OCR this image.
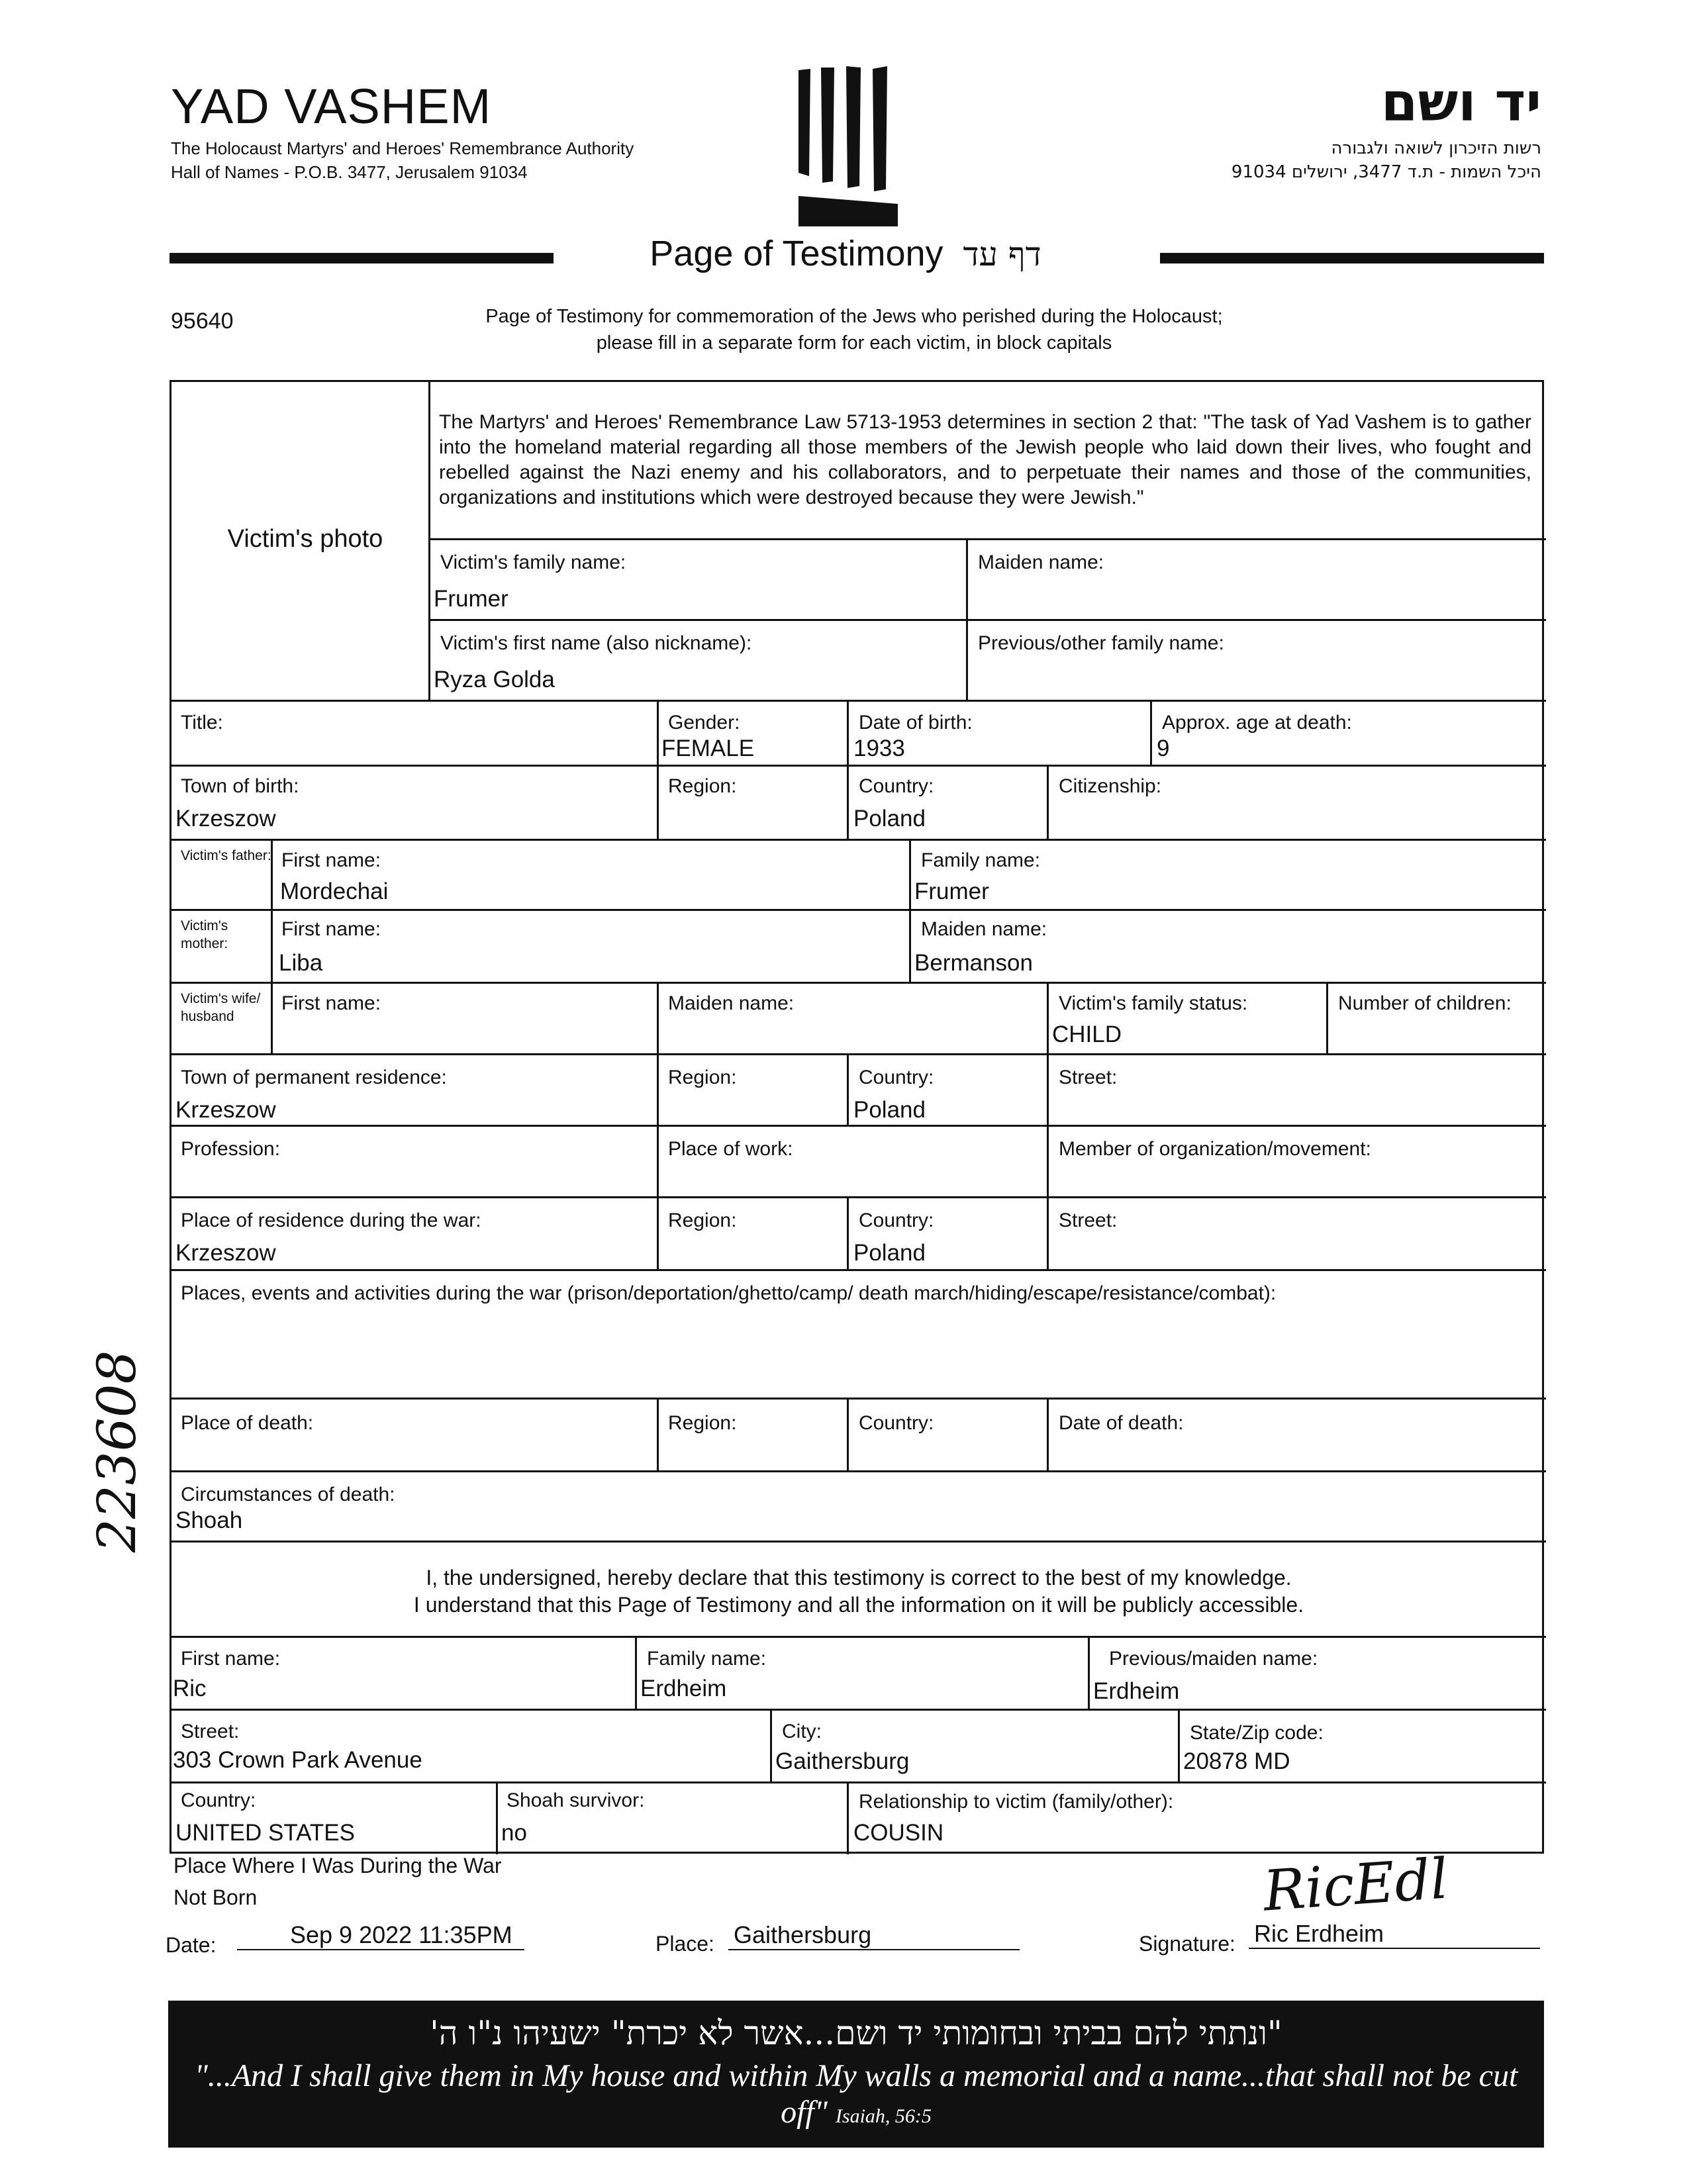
YAD VASHEM
The Holocaust Martyrs' and Heroes' Remembrance Authority
Hall of Names - P.O.B. 3477, Jerusalem 91034
יד ושם
רשות הזיכרון לשואה ולגבורה
היכל השמות - ת.ד 3477, ירושלים 91034
Page of Testimony דף עד
95640	Page of Testimony for commemoration of the Jews who perished during the Holocaust;
please fill in a separate form for each victim, in block capitals
223608
Victim's photo
The Martyrs' and Heroes' Remembrance Law 5713-1953 determines in section 2 that: "The task of Yad Vashem is to gather into the homeland material regarding all those members of the Jewish people who laid down their lives, who fought and rebelled against the Nazi enemy and his collaborators, and to perpetuate their names and those of the communities, organizations and institutions which were destroyed because they were Jewish."
Victim's family name:
Frumer
Maiden name:
Victim's first name (also nickname):
Ryza Golda
Previous/other family name:
Title:	Gender:
FEMALE
Date of birth:
1933
Approx. age at death:
9
Town of birth:
Krzeszow
Region:	Country:
Poland
Citizenship:
Victim's father: First name:
Mordechai
Family name:
Frumer
Victim's mother:
First name:
Liba
Maiden name:
Bermanson
Victim's wife/ husband
First name:	Maiden name:	Victim's family status:
CHILD
Number of children:
Town of permanent residence:
Krzeszow
Region:	Country:
Poland
Street:
Profession:	Place of work:	Member of organization/movement:
Place of residence during the war:
Krzeszow
Region:	Country:
Poland
Street:
Places, events and activities during the war (prison/deportation/ghetto/camp/ death march/hiding/escape/resistance/combat):
Place of death:	Region:	Country:	Date of death:
Circumstances of death:
Shoah
I, the undersigned, hereby declare that this testimony is correct to the best of my knowledge.
I understand that this Page of Testimony and all the information on it will be publicly accessible.
First name:
Ric
Family name:
Erdheim
Previous/maiden name:
Erdheim
Street:
303 Crown Park Avenue
City:
Gaithersburg
State/Zip code:
20878 MD
Country:
UNITED STATES
Shoah survivor:
no
Relationship to victim (family/other):
COUSIN
Place Where I Was During the War
Not Born
Date:	Sep 9 2022 11:35PM	Place: Gaithersburg	Signature:
RicEdl
Ric Erdheim
"ונתתי להם בביתי ובחומותי יד ושם...אשר לא יכרת" ישעיהו נ"ו ה'
"...And I shall give them in My house and within My walls a memorial and a name...that shall not be cut off" Isaiah, 56:5
